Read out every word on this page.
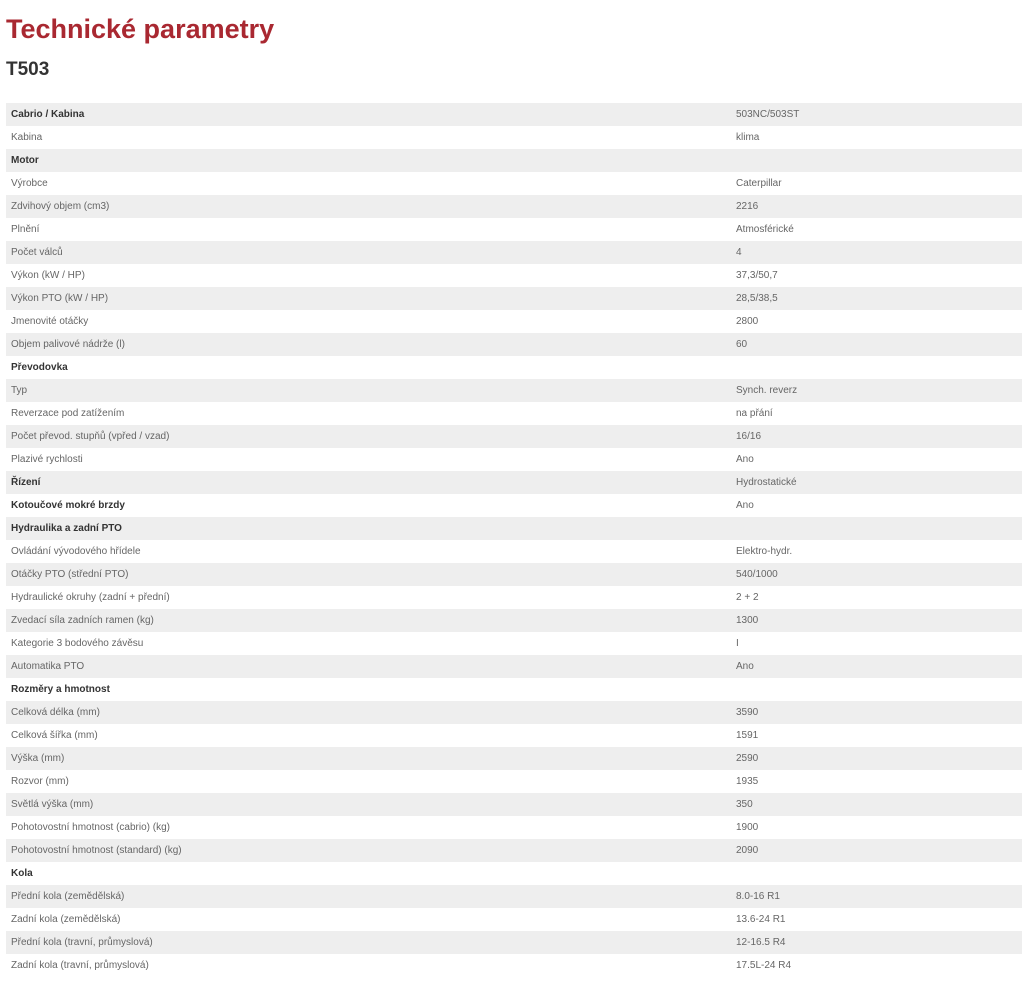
Technické parametry
T503
Cabrio / Kabina	503NC/503ST
Kabina	klima
Motor	
Výrobce	Caterpillar
Zdvihový objem (cm3)	2216
Plnění	Atmosférické
Počet válců	4
Výkon (kW / HP)	37,3/50,7
Výkon PTO (kW / HP)	28,5/38,5
Jmenovité otáčky	2800
Objem palivové nádrže (l)	60
Převodovka	
Typ	Synch. reverz
Reverzace pod zatížením	na přání
Počet převod. stupňů (vpřed / vzad)	16/16
Plazivé rychlosti	Ano
Řízení	Hydrostatické
Kotoučové mokré brzdy	Ano
Hydraulika a zadní PTO	
Ovládání vývodového hřídele	Elektro-hydr.
Otáčky PTO (střední PTO)	540/1000
Hydraulické okruhy (zadní + přední)	2 + 2
Zvedací síla zadních ramen (kg)	1300
Kategorie 3 bodového závěsu	I
Automatika PTO	Ano
Rozměry a hmotnost	
Celková délka (mm)	3590
Celková šířka (mm)	1591
Výška (mm)	2590
Rozvor (mm)	1935
Světlá výška (mm)	350
Pohotovostní hmotnost (cabrio) (kg)	1900
Pohotovostní hmotnost (standard) (kg)	2090
Kola	
Přední kola (zemědělská)	8.0-16 R1
Zadní kola (zemědělská)	13.6-24 R1
Přední kola (travní, průmyslová)	12-16.5 R4
Zadní kola (travní, průmyslová)	17.5L-24 R4
